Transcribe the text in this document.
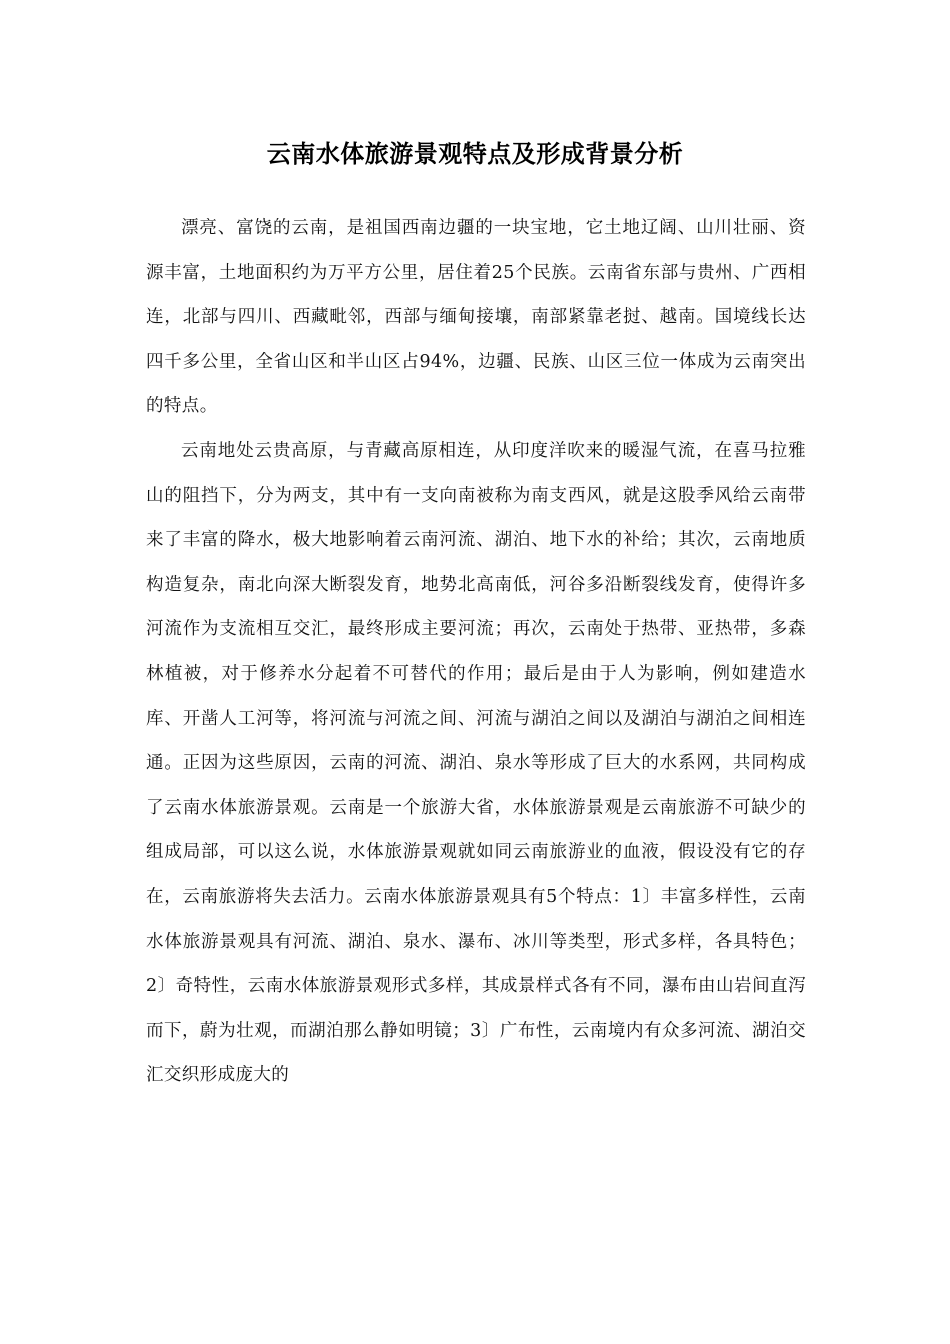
云南水体旅游景观特点及形成背景分析

漂亮、富饶的云南，是祖国西南边疆的一块宝地，它土地辽阔、山川壮丽、资源丰富，土地面积约为万平方公里，居住着25个民族。云南省东部与贵州、广西相连，北部与四川、西藏毗邻，西部与缅甸接壤，南部紧靠老挝、越南。国境线长达四千多公里，全省山区和半山区占94%，边疆、民族、山区三位一体成为云南突出的特点。

云南地处云贵高原，与青藏高原相连，从印度洋吹来的暖湿气流，在喜马拉雅山的阻挡下，分为两支，其中有一支向南被称为南支西风，就是这股季风给云南带来了丰富的降水，极大地影响着云南河流、湖泊、地下水的补给；其次，云南地质构造复杂，南北向深大断裂发育，地势北高南低，河谷多沿断裂线发育，使得许多河流作为支流相互交汇，最终形成主要河流；再次，云南处于热带、亚热带，多森林植被，对于修养水分起着不可替代的作用；最后是由于人为影响，例如建造水库、开凿人工河等，将河流与河流之间、河流与湖泊之间以及湖泊与湖泊之间相连通。正因为这些原因，云南的河流、湖泊、泉水等形成了巨大的水系网，共同构成了云南水体旅游景观。云南是一个旅游大省，水体旅游景观是云南旅游不可缺少的组成局部，可以这么说，水体旅游景观就如同云南旅游业的血液，假设没有它的存在，云南旅游将失去活力。云南水体旅游景观具有5个特点：1〕丰富多样性，云南水体旅游景观具有河流、湖泊、泉水、瀑布、冰川等类型，形式多样，各具特色；2〕奇特性，云南水体旅游景观形式多样，其成景样式各有不同，瀑布由山岩间直泻而下，蔚为壮观，而湖泊那么静如明镜；3〕广布性，云南境内有众多河流、湖泊交汇交织形成庞大的
